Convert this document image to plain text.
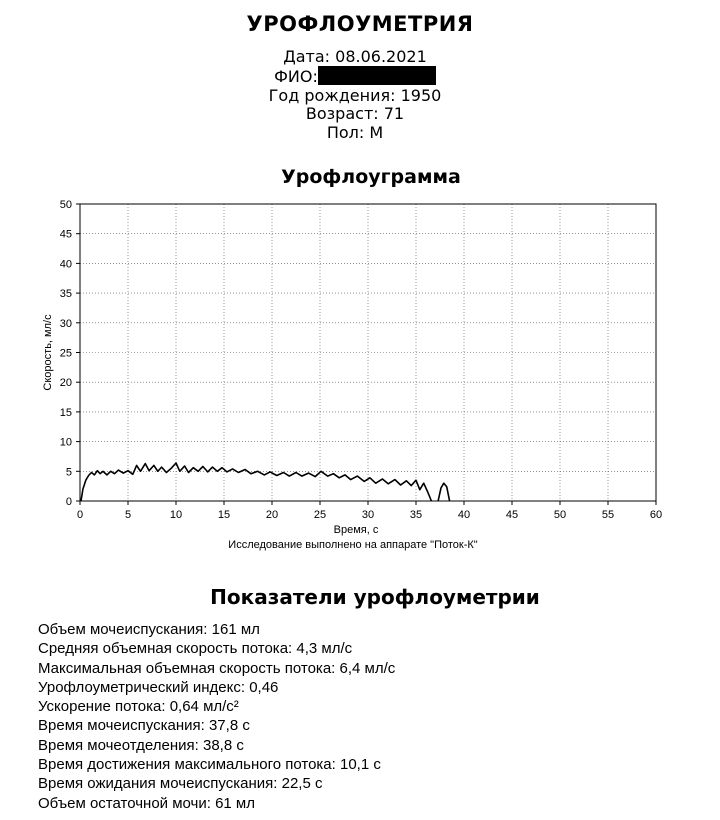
УРОФЛОУМЕТРИЯ
Дата: 08.06.2021
ФИО:
Год рождения: 1950
Возраст: 71
Пол: М
Урофлоуграмма
0
5
10
15
20
25
30
35
40
45
50
0	5	10	15	20	25	30	35	40	45	50	55	60
Скорость, мл/с
Время, с
Исследование выполнено на аппарате "Поток-К"
Показатели урофлоуметрии
Объем мочеиспускания: 161 мл
Средняя объемная скорость потока: 4,3 мл/с
Максимальная объемная скорость потока: 6,4 мл/с
Урофлоуметрический индекс: 0,46
Ускорение потока: 0,64 мл/с²
Время мочеиспускания: 37,8 с
Время мочеотделения: 38,8 с
Время достижения максимального потока: 10,1 с
Время ожидания мочеиспускания: 22,5 с
Объем остаточной мочи: 61 мл
